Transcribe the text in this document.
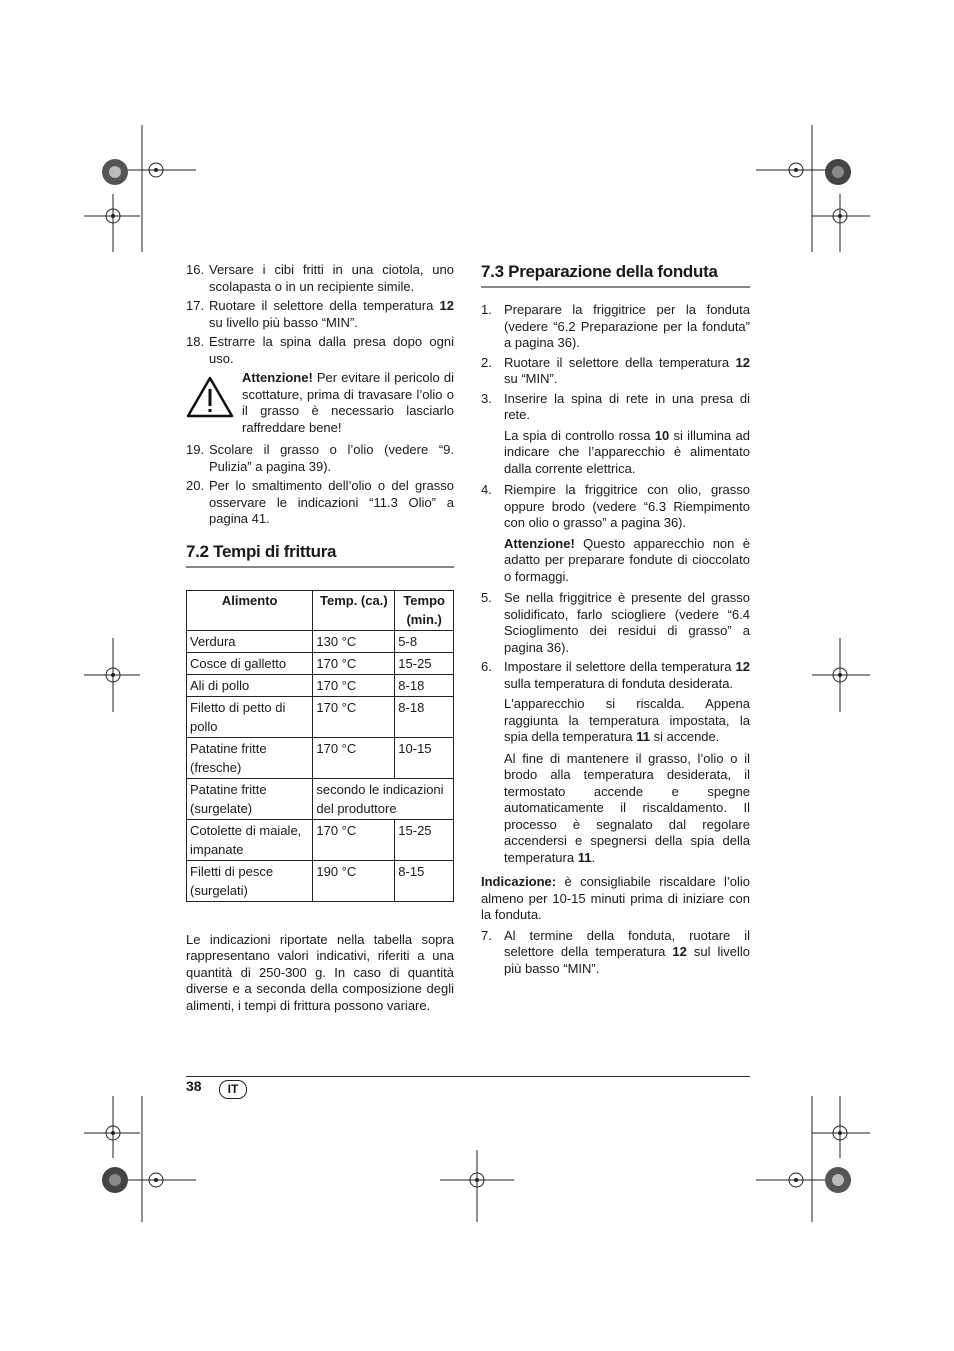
16. Versare i cibi fritti in una ciotola, uno scolapasta o in un recipiente simile.
17. Ruotare il selettore della temperatura 12 su livello più basso “MIN”.
18. Estrarre la spina dalla presa dopo ogni uso.
Attenzione! Per evitare il pericolo di scottature, prima di travasare l’olio o il grasso è necessario lasciarlo raffreddare bene!
19. Scolare il grasso o l’olio (vedere “9. Pulizia” a pagina 39).
20. Per lo smaltimento dell’olio o del grasso osservare le indicazioni “11.3 Olio” a pagina 41.
7.2 Tempi di frittura
Alimento	Temp. (ca.)	Tempo (min.)
Verdura	130 °C	5-8
Cosce di galletto	170 °C	15-25
Ali di pollo	170 °C	8-18
Filetto di petto di pollo	170 °C	8-18
Patatine fritte (fresche)	170 °C	10-15
Patatine fritte (surgelate)	secondo le indicazioni del produttore	
Cotolette di maiale, impanate	170 °C	15-25
Filetti di pesce (surgelati)	190 °C	8-15
Le indicazioni riportate nella tabella sopra rappresentano valori indicativi, riferiti a una quantità di 250-300 g. In caso di quantità diverse e a seconda della composizione degli alimenti, i tempi di frittura possono variare.
7.3 Preparazione della fonduta
1. Preparare la friggitrice per la fonduta (vedere “6.2 Preparazione per la fonduta” a pagina 36).
2. Ruotare il selettore della temperatura 12 su “MIN”.
3. Inserire la spina di rete in una presa di rete.
La spia di controllo rossa 10 si illumina ad indicare che l’apparecchio è alimentato dalla corrente elettrica.
4. Riempire la friggitrice con olio, grasso oppure brodo (vedere “6.3 Riempimento con olio o grasso” a pagina 36).
Attenzione! Questo apparecchio non è adatto per preparare fondute di cioccolato o formaggi.
5. Se nella friggitrice è presente del grasso solidificato, farlo sciogliere (vedere “6.4 Scioglimento dei residui di grasso” a pagina 36).
6. Impostare il selettore della temperatura 12 sulla temperatura di fonduta desiderata.
L'apparecchio si riscalda. Appena raggiunta la temperatura impostata, la spia della temperatura 11 si accende.
Al fine di mantenere il grasso, l’olio o il brodo alla temperatura desiderata, il termostato accende e spegne automaticamente il riscaldamento. Il processo è segnalato dal regolare accendersi e spegnersi della spia della temperatura 11.
Indicazione: è consigliabile riscaldare l’olio almeno per 10-15 minuti prima di iniziare con la fonduta.
7. Al termine della fonduta, ruotare il selettore della temperatura 12 sul livello più basso “MIN”.
38	IT
